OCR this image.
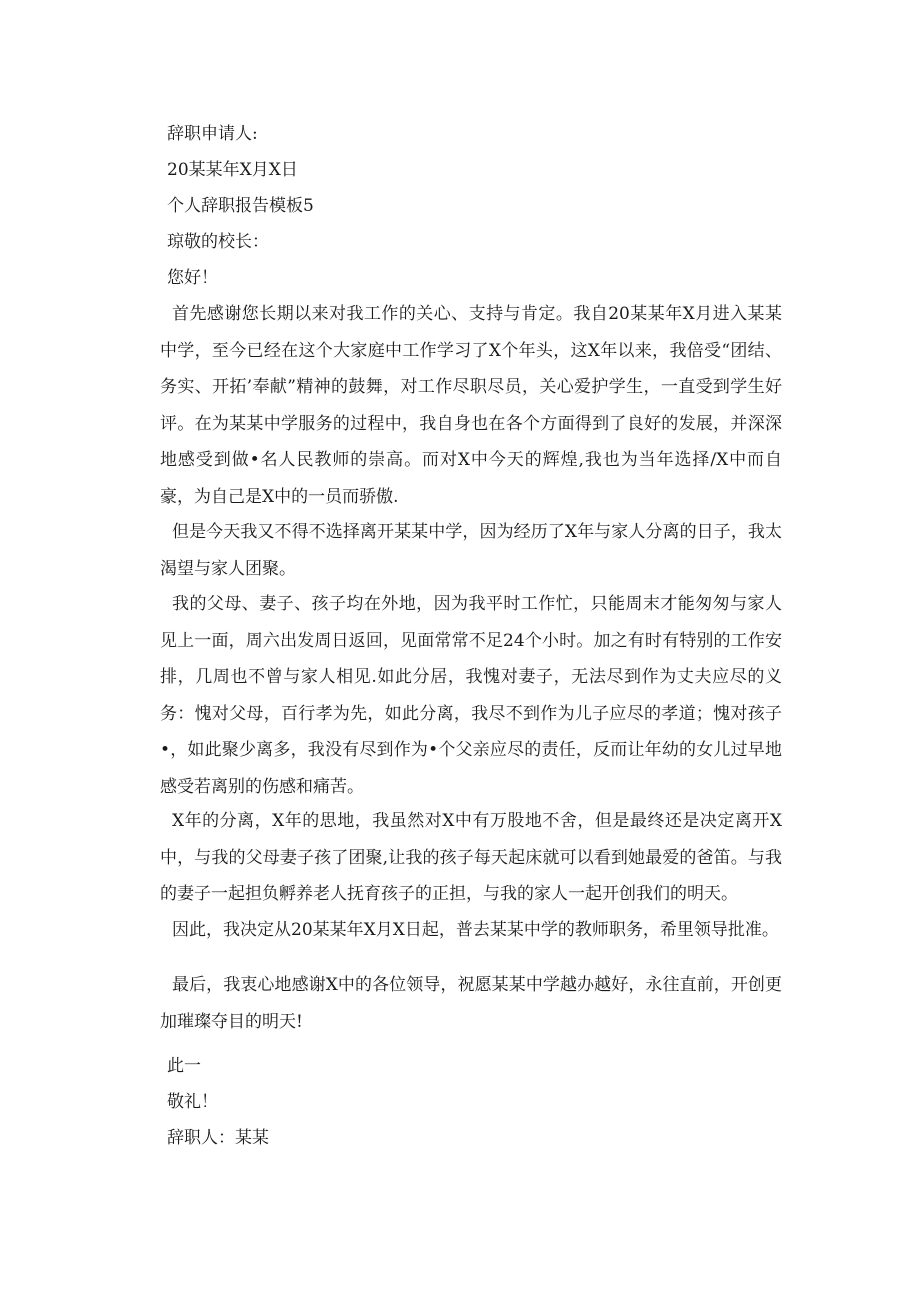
辞职申请人:
20某某年X月X日
个人辞职报告模板5
琼敬的校长：
您好！

首先感谢您长期以来对我工作的关心、支持与肯定。我自20某某年X月进入某某中学，至今已经在这个大家庭中工作学习了X个年头，这X年以来，我倍受“团结、务实、开拓’奉献”精神的鼓舞，对工作尽职尽员，关心爱护学生，一直受到学生好评。在为某某中学服务的过程中，我自身也在各个方面得到了良好的发展，并深深地感受到做•名人民教师的崇高。而对X中今天的辉煌,我也为当年选择/X中而自豪，为自己是X中的一员而骄傲.

但是今天我又不得不选择离开某某中学，因为经历了X年与家人分离的日子，我太渴望与家人团聚。

我的父母、妻子、孩子均在外地，因为我平时工作忙，只能周末才能匆匆与家人见上一面，周六出发周日返回，见面常常不足24个小时。加之有时有特别的工作安排，几周也不曾与家人相见.如此分居，我愧对妻子，无法尽到作为丈夫应尽的义务：愧对父母，百行孝为先，如此分离，我尽不到作为儿子应尽的孝道；愧对孩子•，如此聚少离多，我没有尽到作为•个父亲应尽的责任，反而让年幼的女儿过早地感受若离别的伤感和痛苦。

X年的分离，X年的思地，我虽然对X中有万股地不舍，但是最终还是决定离开X中，与我的父母妻子孩了团聚,让我的孩子每天起床就可以看到她最爱的爸笛。与我的妻子一起担负孵养老人抚育孩子的正担，与我的家人一起开创我们的明天。

因此，我决定从20某某年X月X日起，普去某某中学的教师职务，希里领导批准。

最后，我衷心地感谢X中的各位领导，祝愿某某中学越办越好，永往直前，开创更加璀璨夺目的明天!

此一
敬礼！
辞职人：某某
